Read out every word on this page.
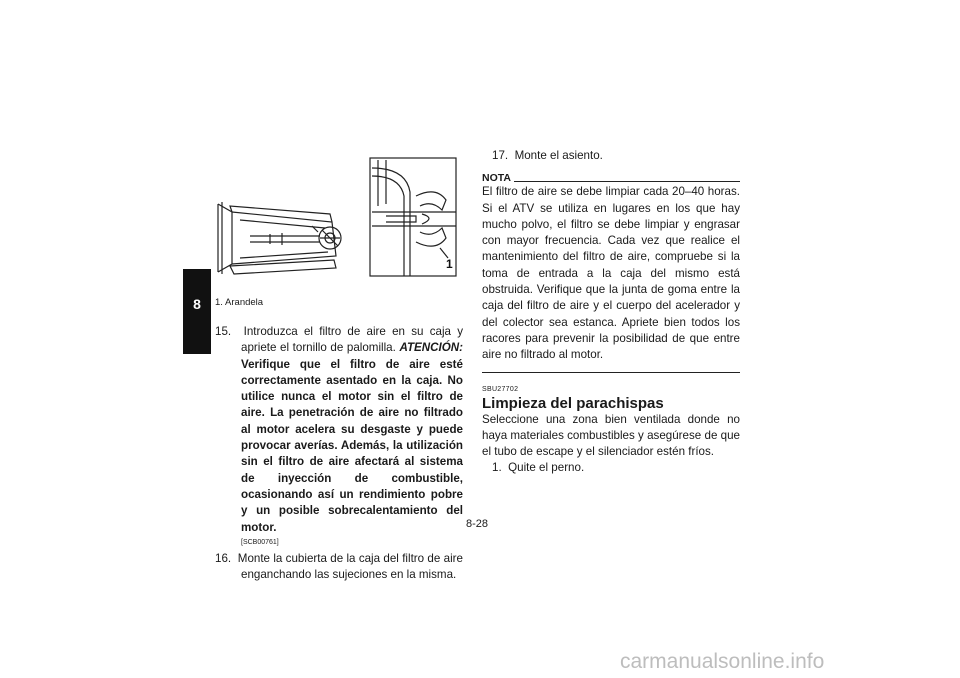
8
1
1. Arandela

15. Introduzca el filtro de aire en su caja y apriete el tornillo de palomilla. ATENCIÓN: Verifique que el filtro de aire esté correctamente asentado en la caja. No utilice nunca el motor sin el filtro de aire. La penetración de aire no filtrado al motor acelera su desgaste y puede provocar averías. Además, la utilización sin el filtro de aire afectará al sistema de inyección de combustible, ocasionando así un rendimiento pobre y un posible sobrecalentamiento del motor.

[SCB00761]

16. Monte la cubierta de la caja del filtro de aire enganchando las sujeciones en la misma.

17. Monte el asiento.

NOTA

El filtro de aire se debe limpiar cada 20–40 horas. Si el ATV se utiliza en lugares en los que hay mucho polvo, el filtro se debe limpiar y engrasar con mayor frecuencia. Cada vez que realice el mantenimiento del filtro de aire, compruebe si la toma de entrada a la caja del mismo está obstruida. Verifique que la junta de goma entre la caja del filtro de aire y el cuerpo del acelerador y del colector sea estanca. Apriete bien todos los racores para prevenir la posibilidad de que entre aire no filtrado al motor.

SBU27702
Limpieza del parachispas

Seleccione una zona bien ventilada donde no haya materiales combustibles y asegúrese de que el tubo de escape y el silenciador estén fríos.

1. Quite el perno.

8-28
carmanualsonline.info
